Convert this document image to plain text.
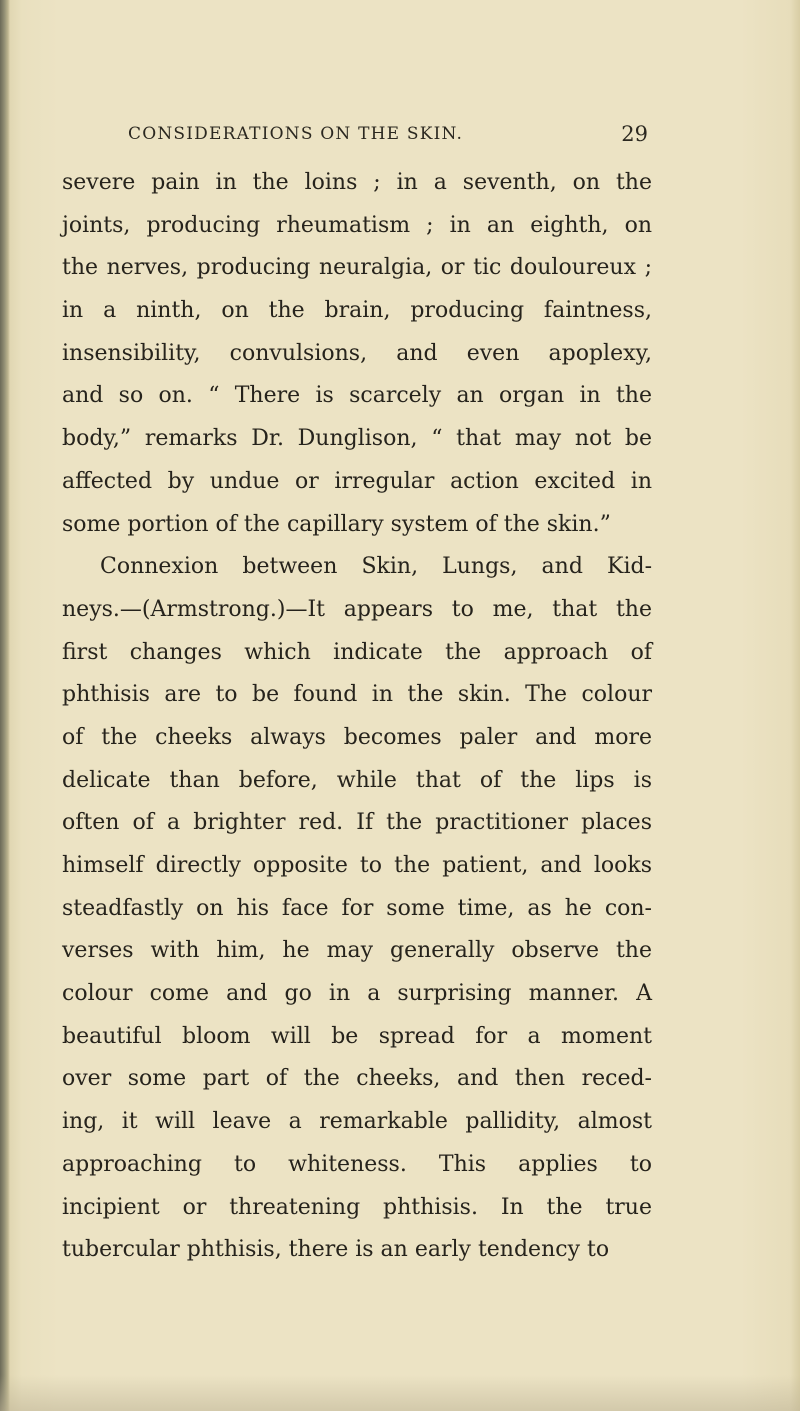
CONSIDERATIONS ON THE SKIN.	29
severe pain in the loins ; in a seventh, on the
joints, producing rheumatism ; in an eighth, on
the nerves, producing neuralgia, or tic douloureux ;
in a ninth, on the brain, producing faintness,
insensibility, convulsions, and even apoplexy,
and so on. “ There is scarcely an organ in the
body,” remarks Dr. Dunglison, “ that may not be
affected by undue or irregular action excited in
some portion of the capillary system of the skin.”
Connexion between Skin, Lungs, and Kid-
neys.—(Armstrong.)—It appears to me, that the
first changes which indicate the approach of
phthisis are to be found in the skin. The colour
of the cheeks always becomes paler and more
delicate than before, while that of the lips is
often of a brighter red. If the practitioner places
himself directly opposite to the patient, and looks
steadfastly on his face for some time, as he con-
verses with him, he may generally observe the
colour come and go in a surprising manner. A
beautiful bloom will be spread for a moment
over some part of the cheeks, and then reced-
ing, it will leave a remarkable pallidity, almost
approaching to whiteness. This applies to
incipient or threatening phthisis. In the true
tubercular phthisis, there is an early tendency to
